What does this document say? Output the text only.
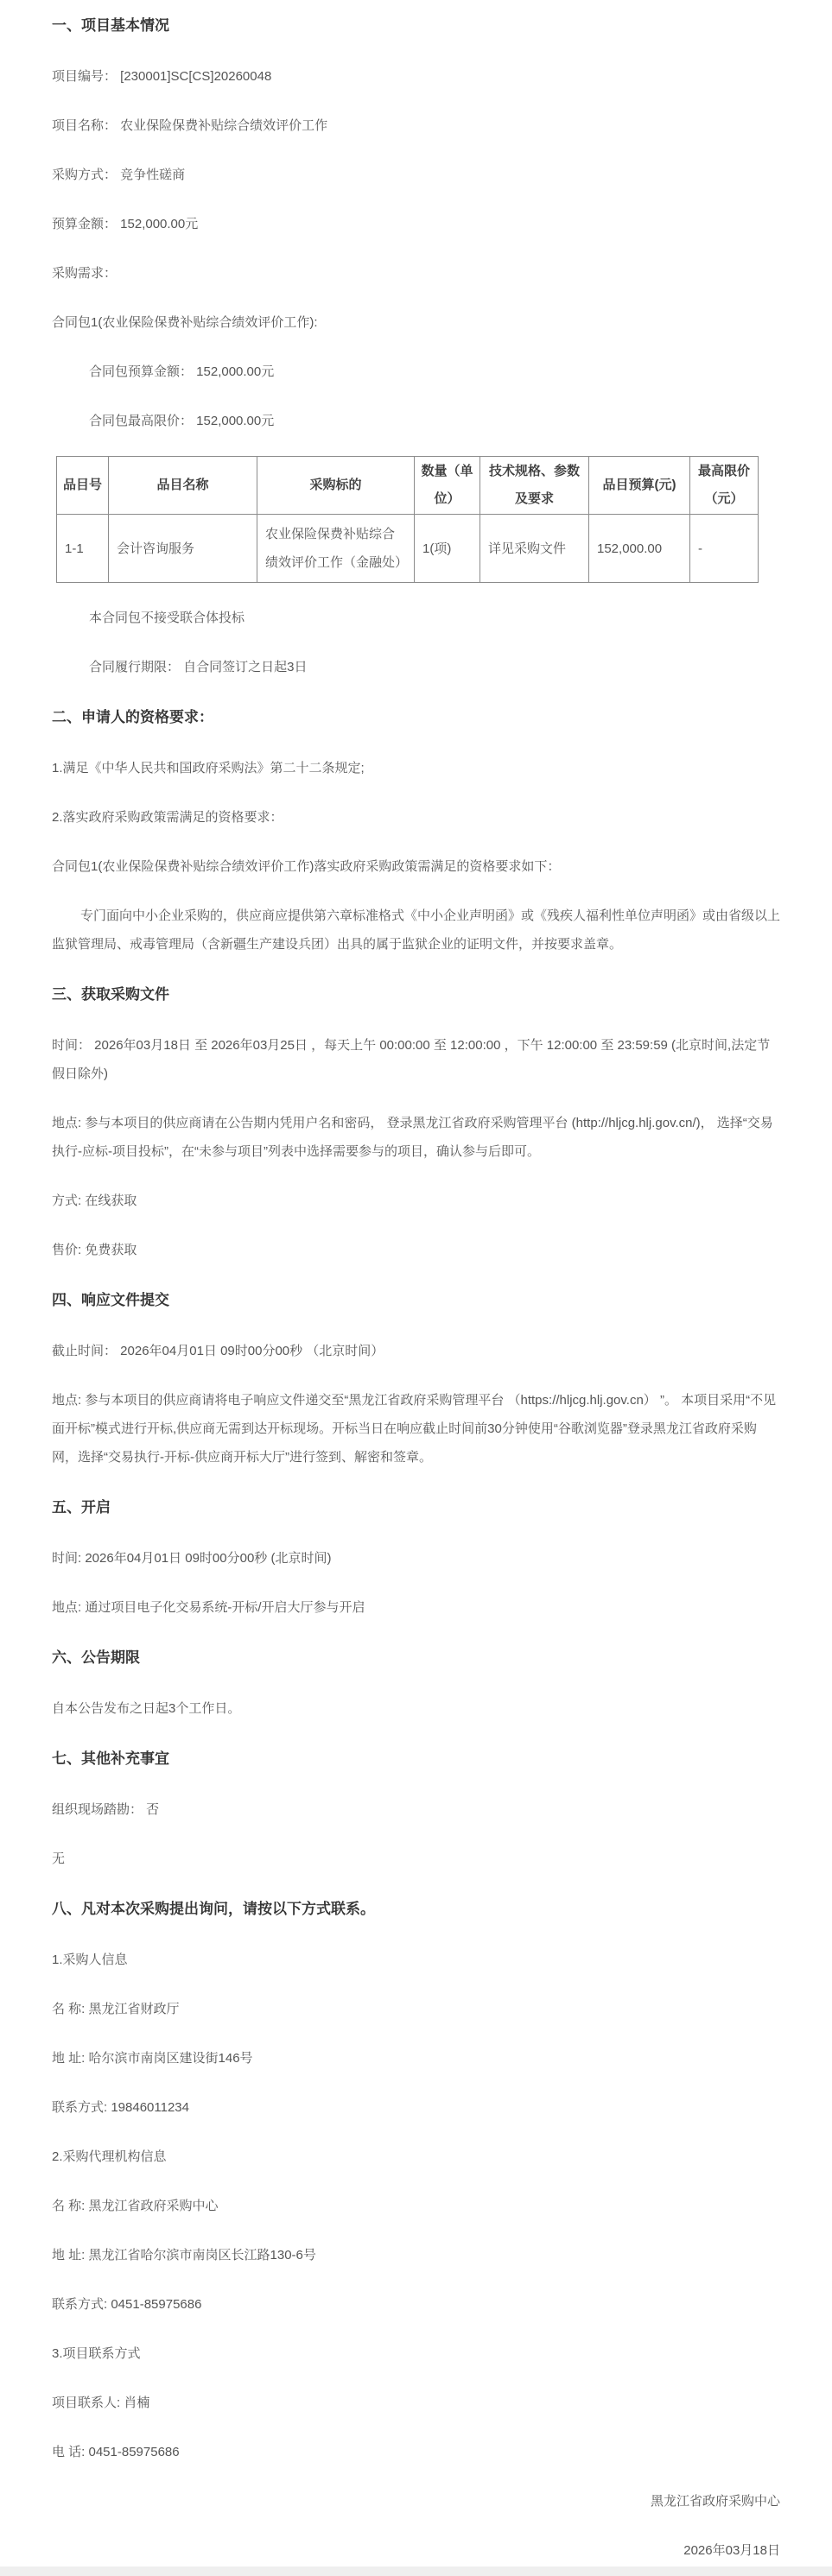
一、项目基本情况

项目编号： [230001]SC[CS]20260048

项目名称： 农业保险保费补贴综合绩效评价工作

采购方式： 竞争性磋商

预算金额： 152,000.00元

采购需求：

合同包1(农业保险保费补贴综合绩效评价工作):

合同包预算金额： 152,000.00元

合同包最高限价： 152,000.00元

品目号	品目名称	采购标的	数量（单位）	技术规格、参数及要求	品目预算(元)	最高限价（元）
1-1	会计咨询服务	农业保险保费补贴综合绩效评价工作（金融处）	1(项)	详见采购文件	152,000.00	-

本合同包不接受联合体投标

合同履行期限： 自合同签订之日起3日

二、申请人的资格要求：

1.满足《中华人民共和国政府采购法》第二十二条规定;

2.落实政府采购政策需满足的资格要求：

合同包1(农业保险保费补贴综合绩效评价工作)落实政府采购政策需满足的资格要求如下：

专门面向中小企业采购的，供应商应提供第六章标准格式《中小企业声明函》或《残疾人福利性单位声明函》或由省级以上监狱管理局、戒毒管理局（含新疆生产建设兵团）出具的属于监狱企业的证明文件，并按要求盖章。

三、获取采购文件

时间： 2026年03月18日 至 2026年03月25日 ，每天上午 00:00:00 至 12:00:00 ，下午 12:00:00 至 23:59:59 (北京时间,法定节假日除外)

地点: 参与本项目的供应商请在公告期内凭用户名和密码， 登录黑龙江省政府采购管理平台 (http://hljcg.hlj.gov.cn/)， 选择“交易执行-应标-项目投标”，在“未参与项目”列表中选择需要参与的项目，确认参与后即可。

方式: 在线获取

售价: 免费获取

四、响应文件提交

截止时间： 2026年04月01日 09时00分00秒 （北京时间）

地点: 参与本项目的供应商请将电子响应文件递交至“黑龙江省政府采购管理平台 （https://hljcg.hlj.gov.cn） ”。 本项目采用“不见面开标”模式进行开标,供应商无需到达开标现场。开标当日在响应截止时间前30分钟使用“谷歌浏览器”登录黑龙江省政府采购网，选择“交易执行-开标-供应商开标大厅”进行签到、解密和签章。

五、开启

时间: 2026年04月01日 09时00分00秒 (北京时间)

地点: 通过项目电子化交易系统-开标/开启大厅参与开启

六、公告期限

自本公告发布之日起3个工作日。

七、其他补充事宜

组织现场踏勘： 否

无

八、凡对本次采购提出询问，请按以下方式联系。

1.采购人信息

名 称: 黑龙江省财政厅

地 址: 哈尔滨市南岗区建设街146号

联系方式: 19846011234

2.采购代理机构信息

名 称: 黑龙江省政府采购中心

地 址: 黑龙江省哈尔滨市南岗区长江路130-6号

联系方式: 0451-85975686

3.项目联系方式

项目联系人: 肖楠

电 话: 0451-85975686

黑龙江省政府采购中心

2026年03月18日
